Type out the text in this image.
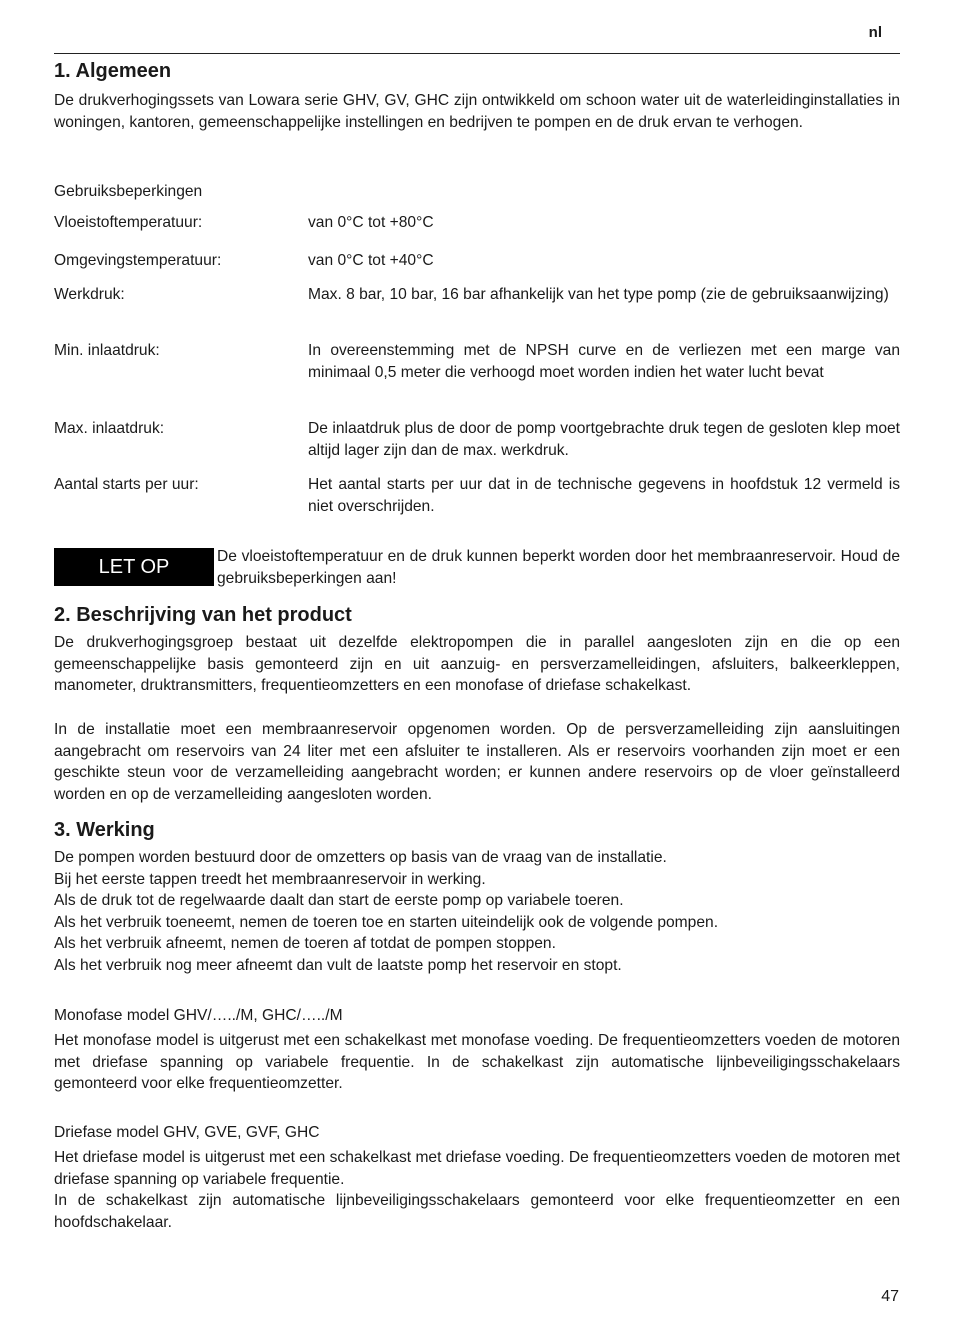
nl
1. Algemeen
De drukverhogingssets van Lowara serie GHV, GV, GHC zijn ontwikkeld om schoon water uit de waterleidinginstallaties in woningen, kantoren, gemeenschappelijke instellingen en bedrijven te pompen en de druk ervan te verhogen.
Gebruiksbeperkingen
Vloeistoftemperatuur:	van 0°C tot +80°C
Omgevingstemperatuur:	van 0°C tot +40°C
Werkdruk:	Max. 8 bar, 10 bar, 16 bar afhankelijk van het type pomp (zie de gebruiksaanwijzing)
Min. inlaatdruk:	In overeenstemming met de NPSH curve en de verliezen met een marge van minimaal 0,5 meter die verhoogd moet worden indien het water lucht bevat
Max. inlaatdruk:	De inlaatdruk plus de door de pomp voortgebrachte druk tegen de gesloten klep moet altijd lager zijn dan de max. werkdruk.
Aantal starts per uur:	Het aantal starts per uur dat in de technische gegevens in hoofdstuk 12 vermeld is niet overschrijden.
LET OP	De vloeistoftemperatuur en de druk kunnen beperkt worden door het membraanreservoir. Houd de gebruiksbeperkingen aan!
2. Beschrijving van het product
De drukverhogingsgroep bestaat uit dezelfde elektropompen die in parallel aangesloten zijn en die op een gemeenschappelijke basis gemonteerd zijn en uit aanzuig- en persverzamelleidingen, afsluiters, balkeerkleppen, manometer, druktransmitters, frequentieomzetters en een monofase of driefase schakelkast.
In de installatie moet een membraanreservoir opgenomen worden. Op de persverzamelleiding zijn aansluitingen aangebracht om reservoirs van 24 liter met een afsluiter te installeren. Als er reservoirs voorhanden zijn moet er een geschikte steun voor de verzamelleiding aangebracht worden; er kunnen andere reservoirs op de vloer geïnstalleerd worden en op de verzamelleiding aangesloten worden.
3. Werking
De pompen worden bestuurd door de omzetters op basis van de vraag van de installatie.
Bij het eerste tappen treedt het membraanreservoir in werking.
Als de druk tot de regelwaarde daalt dan start de eerste pomp op variabele toeren.
Als het verbruik toeneemt, nemen de toeren toe en starten uiteindelijk ook de volgende pompen.
Als het verbruik afneemt, nemen de toeren af totdat de pompen stoppen.
Als het verbruik nog meer afneemt dan vult de laatste pomp het reservoir en stopt.
Monofase model GHV/…../M, GHC/…../M
Het monofase model is uitgerust met een schakelkast met monofase voeding. De frequentieomzetters voeden de motoren met driefase spanning op variabele frequentie. In de schakelkast zijn automatische lijnbeveiligingsschakelaars gemonteerd voor elke frequentieomzetter.
Driefase model GHV, GVE, GVF, GHC
Het driefase model is uitgerust met een schakelkast met driefase voeding. De frequentieomzetters voeden de motoren met driefase spanning op variabele frequentie.
In de schakelkast zijn automatische lijnbeveiligingsschakelaars gemonteerd voor elke frequentieomzetter en een hoofdschakelaar.
47
